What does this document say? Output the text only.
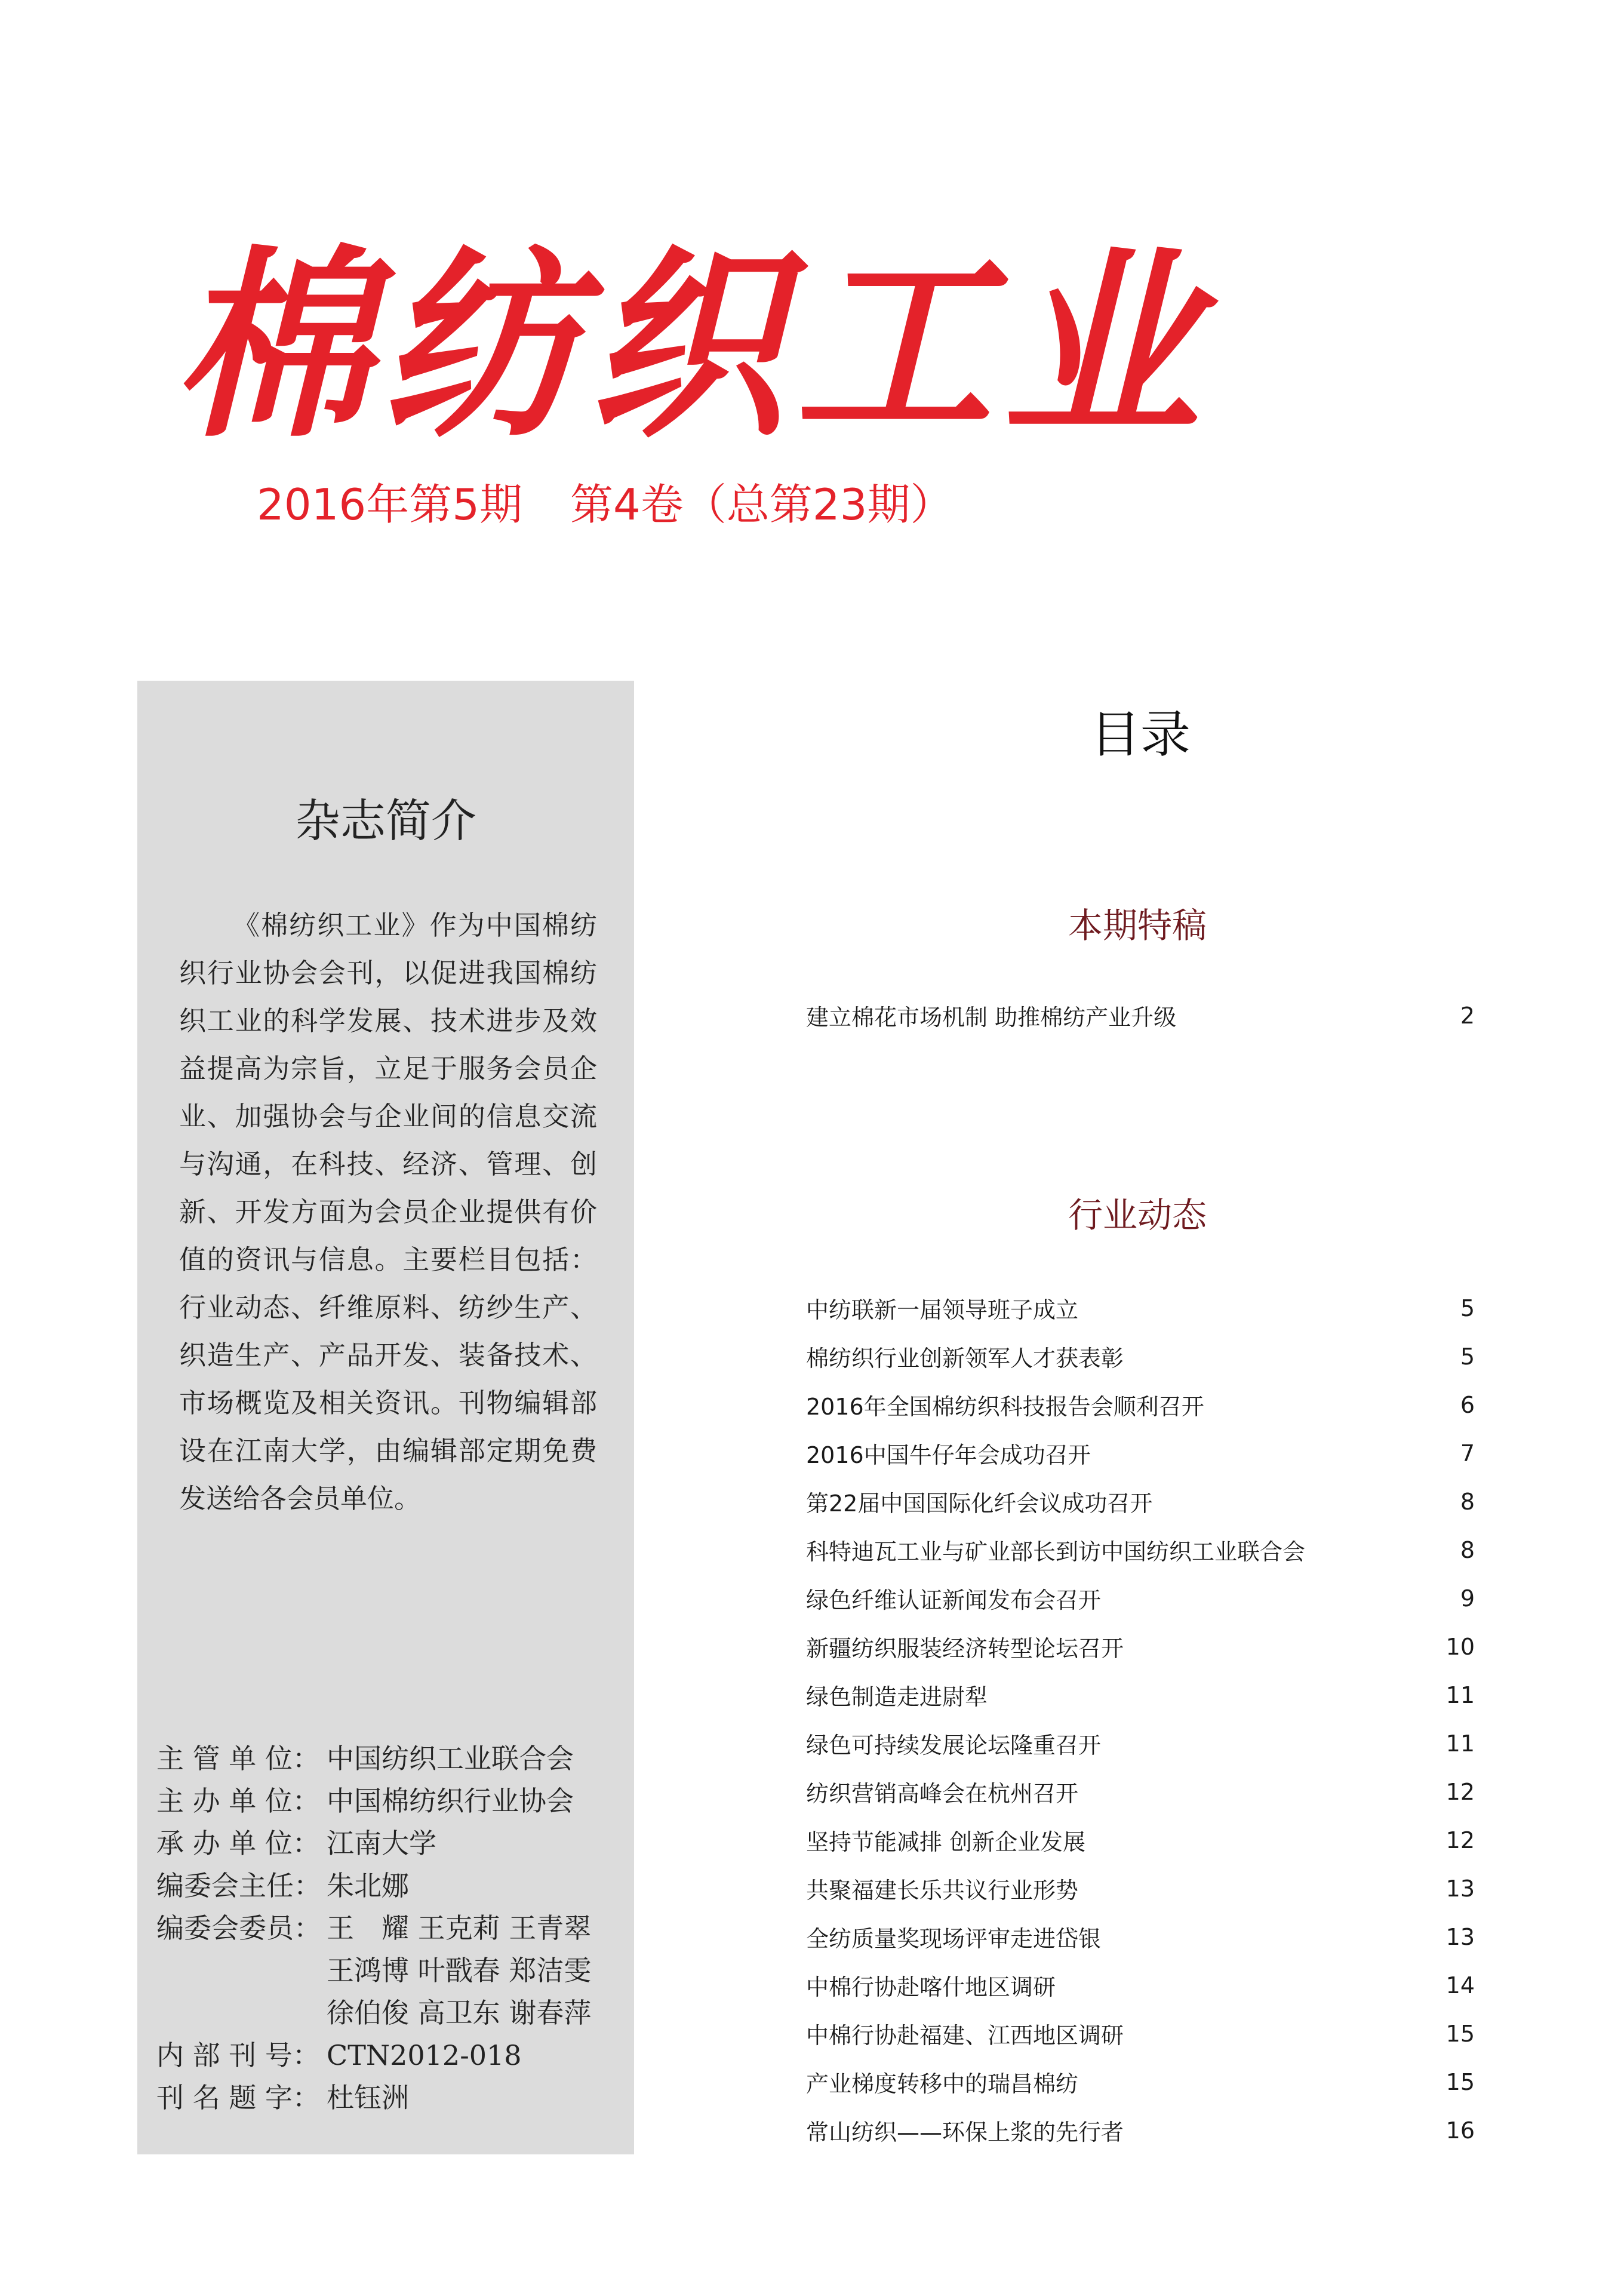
棉纺织工业
2016年第5期 第4卷（总第23期）
杂志简介

《棉纺织工业》作为中国棉纺织行业协会会刊，以促进我国棉纺织工业的科学发展、技术进步及效益提高为宗旨，立足于服务会员企业、加强协会与企业间的信息交流与沟通，在科技、经济、管理、创新、开发方面为会员企业提供有价值的资讯与信息。主要栏目包括：行业动态、纤维原料、纺纱生产、织造生产、产品开发、装备技术、市场概览及相关资讯。刊物编辑部设在江南大学，由编辑部定期免费发送给各会员单位。

主 管 单 位： 中国纺织工业联合会
主 办 单 位： 中国棉纺织行业协会
承 办 单 位： 江南大学
编委会主任： 朱北娜
编委会委员： 王　耀 王克莉 王青翠
王鸿博 叶戬春 郑洁雯
徐伯俊 高卫东 谢春萍
内 部 刊 号： CTN2012-018
刊 名 题 字： 杜钰洲
目录
本期特稿
建立棉花市场机制 助推棉纺产业升级	2
行业动态
中纺联新一届领导班子成立	5
棉纺织行业创新领军人才获表彰	5
2016年全国棉纺织科技报告会顺利召开	6
2016中国牛仔年会成功召开	7
第22届中国国际化纤会议成功召开	8
科特迪瓦工业与矿业部长到访中国纺织工业联合会	8
绿色纤维认证新闻发布会召开	9
新疆纺织服装经济转型论坛召开	10
绿色制造走进尉犁	11
绿色可持续发展论坛隆重召开	11
纺织营销高峰会在杭州召开	12
坚持节能减排 创新企业发展	12
共聚福建长乐共议行业形势	13
全纺质量奖现场评审走进岱银	13
中棉行协赴喀什地区调研	14
中棉行协赴福建、江西地区调研	15
产业梯度转移中的瑞昌棉纺	15
常山纺织——环保上浆的先行者	16
